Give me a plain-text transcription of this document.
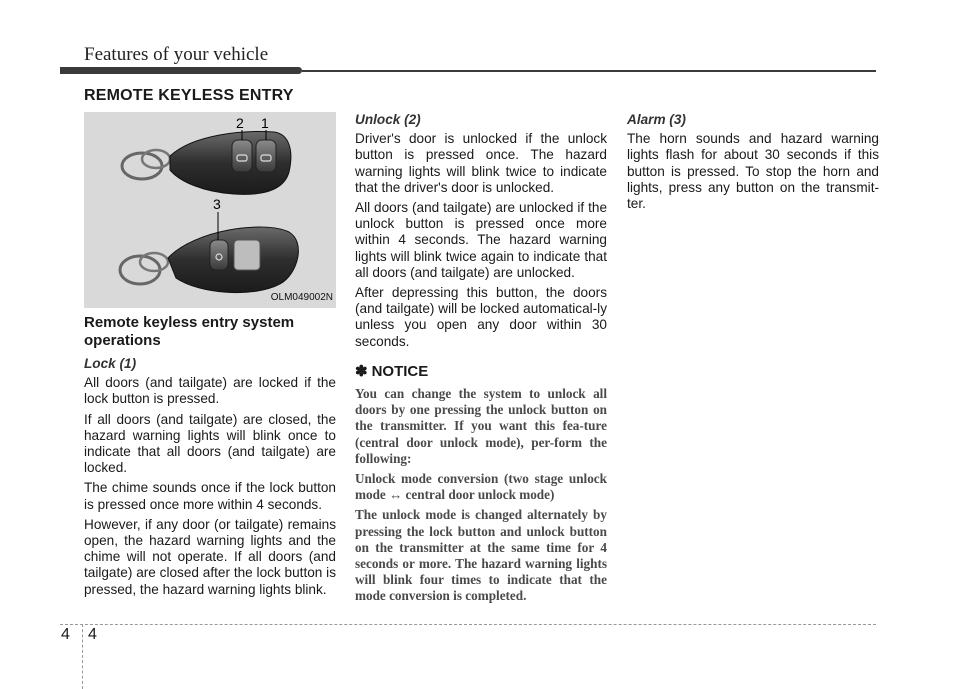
Features of your vehicle
REMOTE KEYLESS ENTRY
2 1
3
OLM049002N
Remote keyless entry system operations
Lock (1)

All doors (and tailgate) are locked if the lock button is pressed.

If all doors (and tailgate) are closed, the hazard warning lights will blink once to indicate that all doors (and tailgate) are locked.

The chime sounds once if the lock button is pressed once more within 4 seconds.

However, if any door (or tailgate) remains open, the hazard warning lights and the chime will not operate. If all doors (and tailgate) are closed after the lock button is pressed, the hazard warning lights blink.

Unlock (2)

Driver's door is unlocked if the unlock button is pressed once. The hazard warning lights will blink twice to indicate that the driver's door is unlocked.

All doors (and tailgate) are unlocked if the unlock button is pressed once more within 4 seconds. The hazard warning lights will blink twice again to indicate that all doors (and tailgate) are unlocked.

After depressing this button, the doors (and tailgate) will be locked automatical-ly unless you open any door within 30 seconds.

✽ NOTICE

You can change the system to unlock all doors by one pressing the unlock button on the transmitter. If you want this fea-ture (central door unlock mode), per-form the following:

Unlock mode conversion (two stage unlock mode ↔ central door unlock mode)

The unlock mode is changed alternately by pressing the lock button and unlock button on the transmitter at the same time for 4 seconds or more. The hazard warning lights will blink four times to indicate that the mode conversion is completed.

Alarm (3)

The horn sounds and hazard warning lights flash for about 30 seconds if this button is pressed. To stop the horn and lights, press any button on the transmit-ter.

4 4
